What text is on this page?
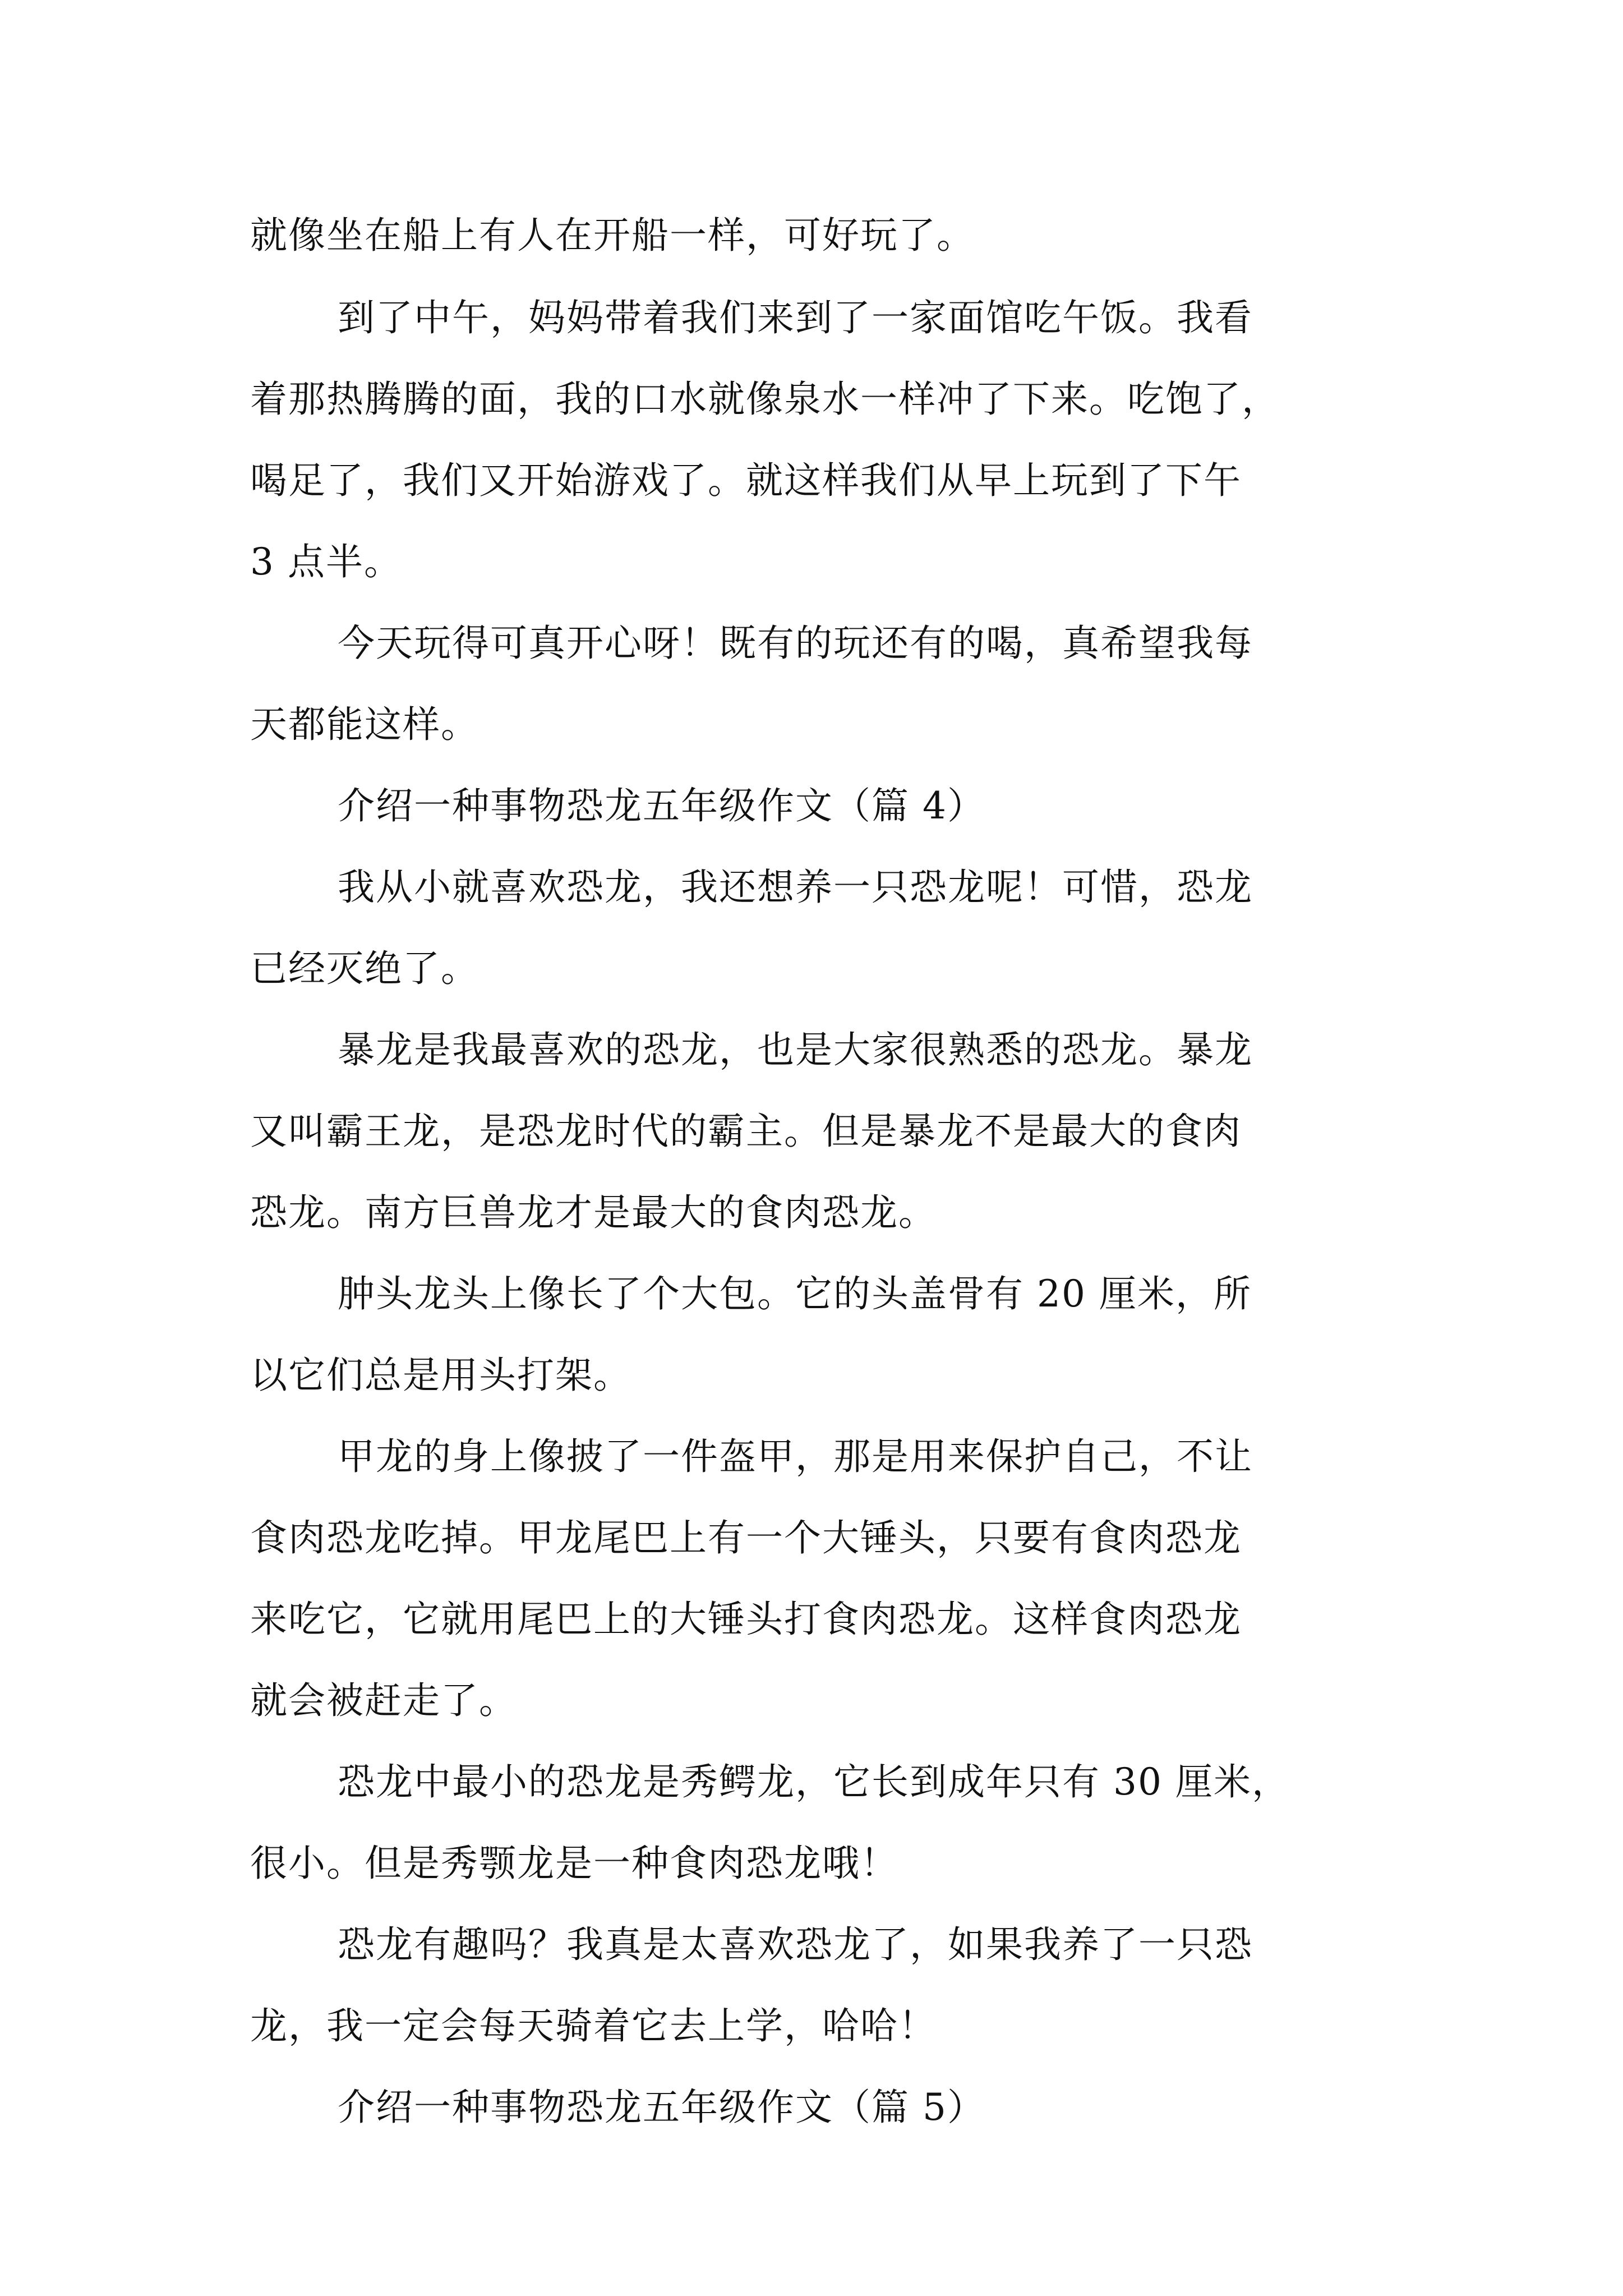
就像坐在船上有人在开船一样，可好玩了。
到了中午，妈妈带着我们来到了一家面馆吃午饭。我看
着那热腾腾的面，我的口水就像泉水一样冲了下来。吃饱了，
喝足了，我们又开始游戏了。就这样我们从早上玩到了下午
3 点半。
今天玩得可真开心呀！既有的玩还有的喝，真希望我每
天都能这样。
介绍一种事物恐龙五年级作文（篇 4）
我从小就喜欢恐龙，我还想养一只恐龙呢！可惜，恐龙
已经灭绝了。
暴龙是我最喜欢的恐龙，也是大家很熟悉的恐龙。暴龙
又叫霸王龙，是恐龙时代的霸主。但是暴龙不是最大的食肉
恐龙。南方巨兽龙才是最大的食肉恐龙。
肿头龙头上像长了个大包。它的头盖骨有 20 厘米，所
以它们总是用头打架。
甲龙的身上像披了一件盔甲，那是用来保护自己，不让
食肉恐龙吃掉。甲龙尾巴上有一个大锤头，只要有食肉恐龙
来吃它，它就用尾巴上的大锤头打食肉恐龙。这样食肉恐龙
就会被赶走了。
恐龙中最小的恐龙是秀鳄龙，它长到成年只有 30 厘米，
很小。但是秀颚龙是一种食肉恐龙哦！
恐龙有趣吗？我真是太喜欢恐龙了，如果我养了一只恐
龙，我一定会每天骑着它去上学，哈哈！
介绍一种事物恐龙五年级作文（篇 5）
